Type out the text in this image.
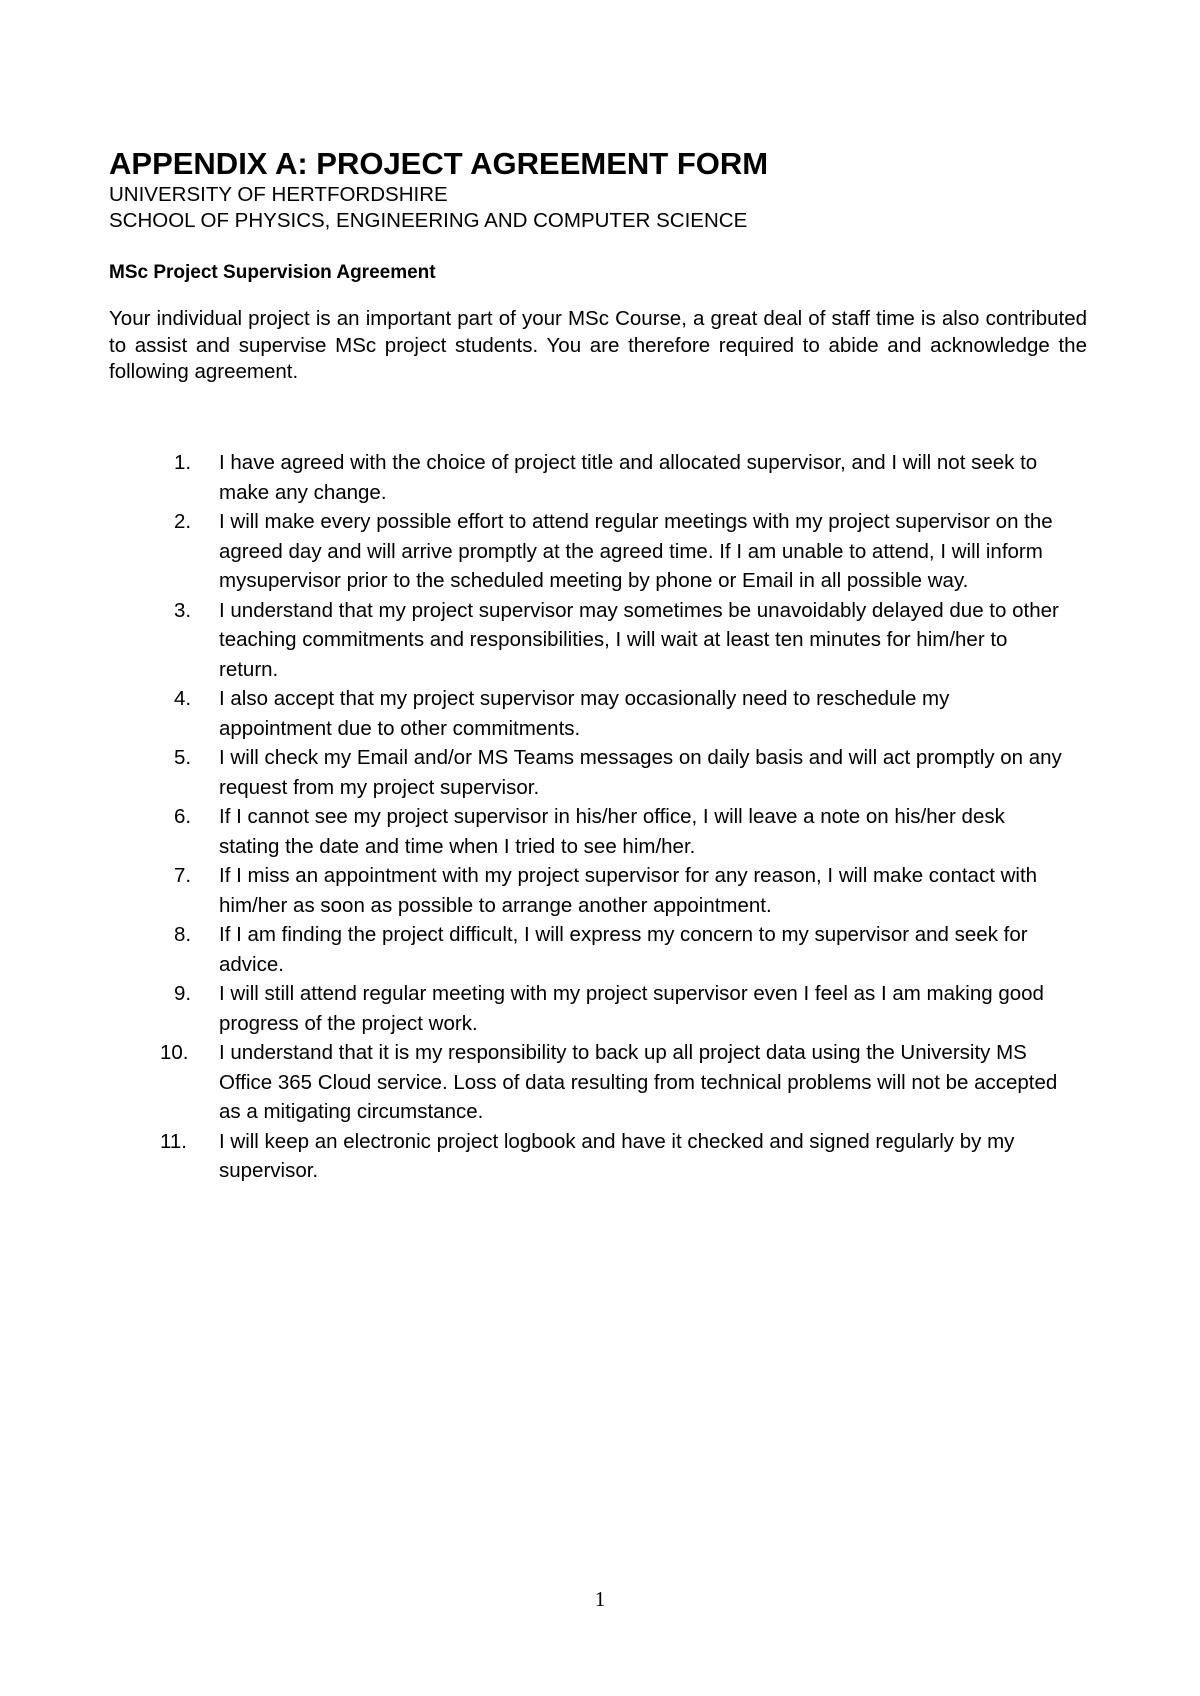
APPENDIX A: PROJECT AGREEMENT FORM
UNIVERSITY OF HERTFORDSHIRE
SCHOOL OF PHYSICS, ENGINEERING AND COMPUTER SCIENCE
MSc Project Supervision Agreement

Your individual project is an important part of your MSc Course, a great deal of staff time is also contributed to assist and supervise MSc project students. You are therefore required to abide and acknowledge the following agreement.

1.	I have agreed with the choice of project title and allocated supervisor, and I will not seek to make any change.
2.	I will make every possible effort to attend regular meetings with my project supervisor on the agreed day and will arrive promptly at the agreed time. If I am unable to attend, I will inform mysupervisor prior to the scheduled meeting by phone or Email in all possible way.
3.	I understand that my project supervisor may sometimes be unavoidably delayed due to other teaching commitments and responsibilities, I will wait at least ten minutes for him/her to return.
4.	I also accept that my project supervisor may occasionally need to reschedule my appointment due to other commitments.
5.	I will check my Email and/or MS Teams messages on daily basis and will act promptly on any request from my project supervisor.
6.	If I cannot see my project supervisor in his/her office, I will leave a note on his/her desk stating the date and time when I tried to see him/her.
7.	If I miss an appointment with my project supervisor for any reason, I will make contact with him/her as soon as possible to arrange another appointment.
8.	If I am finding the project difficult, I will express my concern to my supervisor and seek for advice.
9.	I will still attend regular meeting with my project supervisor even I feel as I am making good progress of the project work.
10.	I understand that it is my responsibility to back up all project data using the University MS Office 365 Cloud service. Loss of data resulting from technical problems will not be accepted as a mitigating circumstance.
11.	I will keep an electronic project logbook and have it checked and signed regularly by my supervisor.
1
